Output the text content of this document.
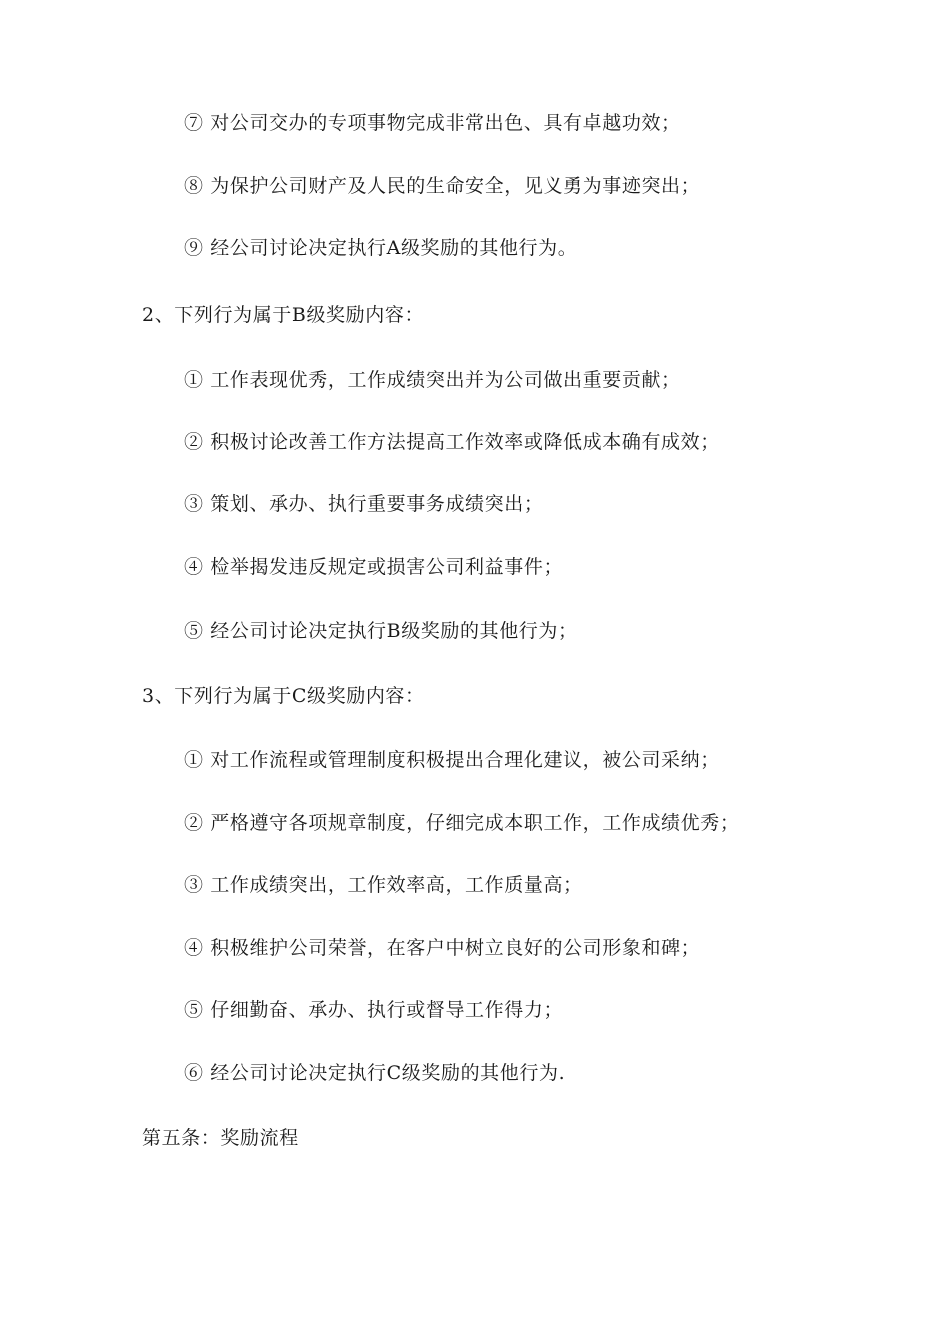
⑦ 对公司交办的专项事物完成非常出色、具有卓越功效；
⑧ 为保护公司财产及人民的生命安全，见义勇为事迹突出；
⑨ 经公司讨论决定执行A级奖励的其他行为。
2、下列行为属于B级奖励内容：
① 工作表现优秀，工作成绩突出并为公司做出重要贡献；
② 积极讨论改善工作方法提高工作效率或降低成本确有成效；
③ 策划、承办、执行重要事务成绩突出；
④ 检举揭发违反规定或损害公司利益事件；
⑤ 经公司讨论决定执行B级奖励的其他行为；
3、下列行为属于C级奖励内容：
① 对工作流程或管理制度积极提出合理化建议，被公司采纳；
② 严格遵守各项规章制度，仔细完成本职工作，工作成绩优秀；
③ 工作成绩突出，工作效率高，工作质量高；
④ 积极维护公司荣誉，在客户中树立良好的公司形象和碑；
⑤ 仔细勤奋、承办、执行或督导工作得力；
⑥ 经公司讨论决定执行C级奖励的其他行为.
第五条：奖励流程
